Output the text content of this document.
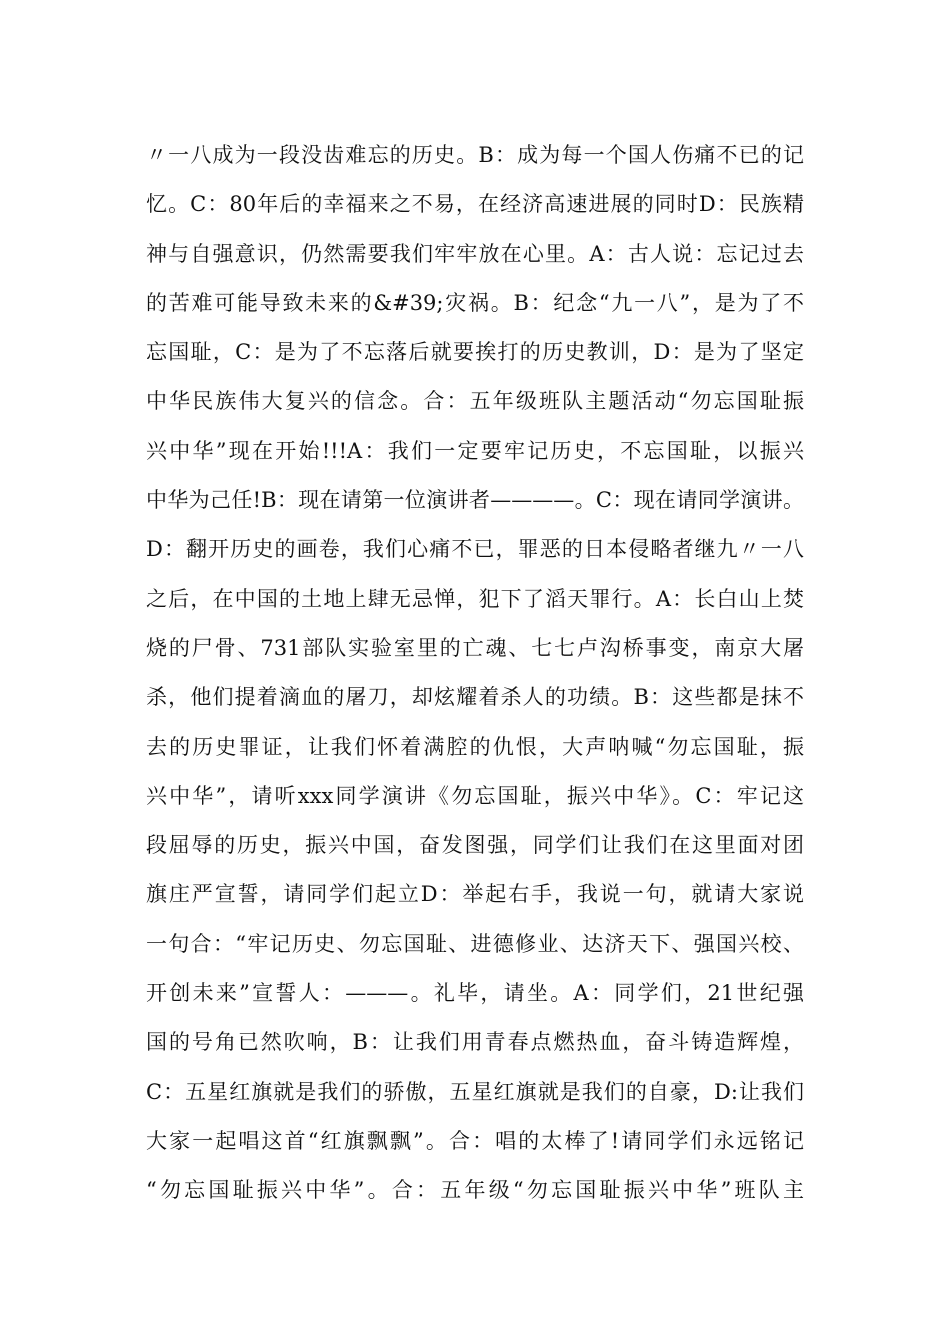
〃一八成为一段没齿难忘的历史。B：成为每一个国人伤痛不已的记
忆。C：80年后的幸福来之不易，在经济高速进展的同时D：民族精
神与自强意识，仍然需要我们牢牢放在心里。A：古人说：忘记过去
的苦难可能导致未来的&#39;灾祸。B：纪念“九一八”，是为了不
忘国耻，C：是为了不忘落后就要挨打的历史教训，D：是为了坚定
中华民族伟大复兴的信念。合：五年级班队主题活动“勿忘国耻振
兴中华”现在开始!!!A：我们一定要牢记历史，不忘国耻，以振兴
中华为己任!B：现在请第一位演讲者————。C：现在请同学演讲。
D：翻开历史的画卷，我们心痛不已，罪恶的日本侵略者继九〃一八
之后，在中国的土地上肆无忌惮，犯下了滔天罪行。A：长白山上焚
烧的尸骨、731部队实验室里的亡魂、七七卢沟桥事变，南京大屠
杀，他们提着滴血的屠刀，却炫耀着杀人的功绩。B：这些都是抹不
去的历史罪证，让我们怀着满腔的仇恨，大声呐喊“勿忘国耻，振
兴中华”，请听xxx同学演讲《勿忘国耻，振兴中华》。C：牢记这
段屈辱的历史，振兴中国，奋发图强，同学们让我们在这里面对团
旗庄严宣誓，请同学们起立D：举起右手，我说一句，就请大家说
一句合：“牢记历史、勿忘国耻、进德修业、达济天下、强国兴校、
开创未来”宣誓人：———。礼毕，请坐。A：同学们，21世纪强
国的号角已然吹响，B：让我们用青春点燃热血，奋斗铸造辉煌，
C：五星红旗就是我们的骄傲，五星红旗就是我们的自豪，D:让我们
大家一起唱这首“红旗飘飘”。合：唱的太棒了!请同学们永远铭记
“勿忘国耻振兴中华”。合：五年级“勿忘国耻振兴中华”班队主
